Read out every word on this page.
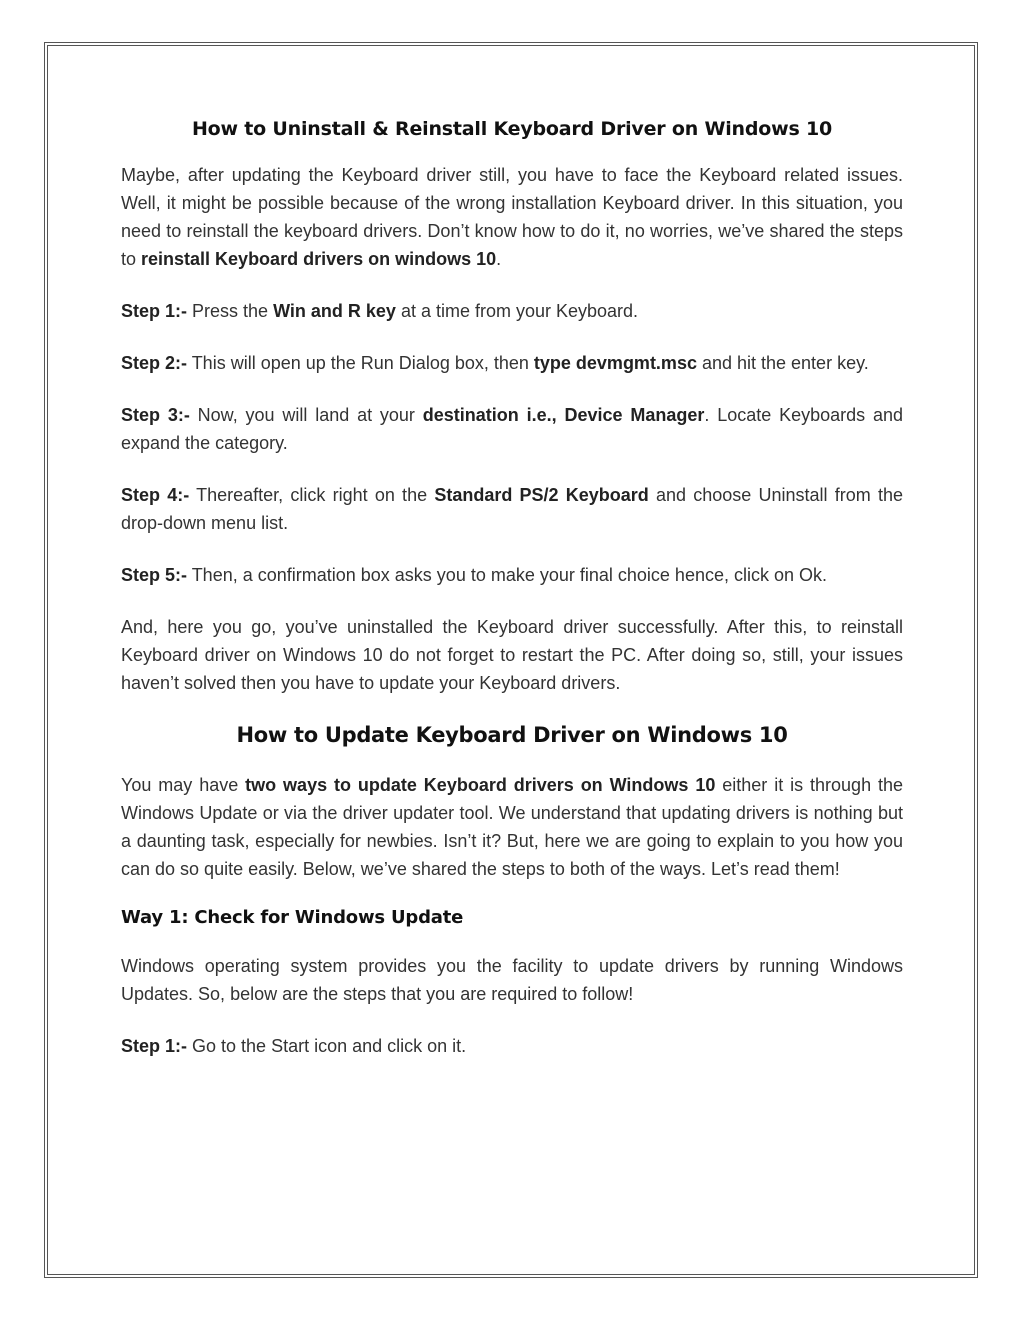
How to Uninstall & Reinstall Keyboard Driver on Windows 10

Maybe, after updating the Keyboard driver still, you have to face the Keyboard related issues. Well, it might be possible because of the wrong installation Keyboard driver. In this situation, you need to reinstall the keyboard drivers. Don’t know how to do it, no worries, we’ve shared the steps to reinstall Keyboard drivers on windows 10.

Step 1:- Press the Win and R key at a time from your Keyboard.

Step 2:- This will open up the Run Dialog box, then type devmgmt.msc and hit the enter key.

Step 3:- Now, you will land at your destination i.e., Device Manager. Locate Keyboards and expand the category.

Step 4:- Thereafter, click right on the Standard PS/2 Keyboard and choose Uninstall from the drop-down menu list.

Step 5:- Then, a confirmation box asks you to make your final choice hence, click on Ok.

And, here you go, you’ve uninstalled the Keyboard driver successfully. After this, to reinstall Keyboard driver on Windows 10 do not forget to restart the PC. After doing so, still, your issues haven’t solved then you have to update your Keyboard drivers.

How to Update Keyboard Driver on Windows 10

You may have two ways to update Keyboard drivers on Windows 10 either it is through the Windows Update or via the driver updater tool. We understand that updating drivers is nothing but a daunting task, especially for newbies. Isn’t it? But, here we are going to explain to you how you can do so quite easily. Below, we’ve shared the steps to both of the ways. Let’s read them!

Way 1: Check for Windows Update

Windows operating system provides you the facility to update drivers by running Windows Updates. So, below are the steps that you are required to follow!

Step 1:- Go to the Start icon and click on it.
